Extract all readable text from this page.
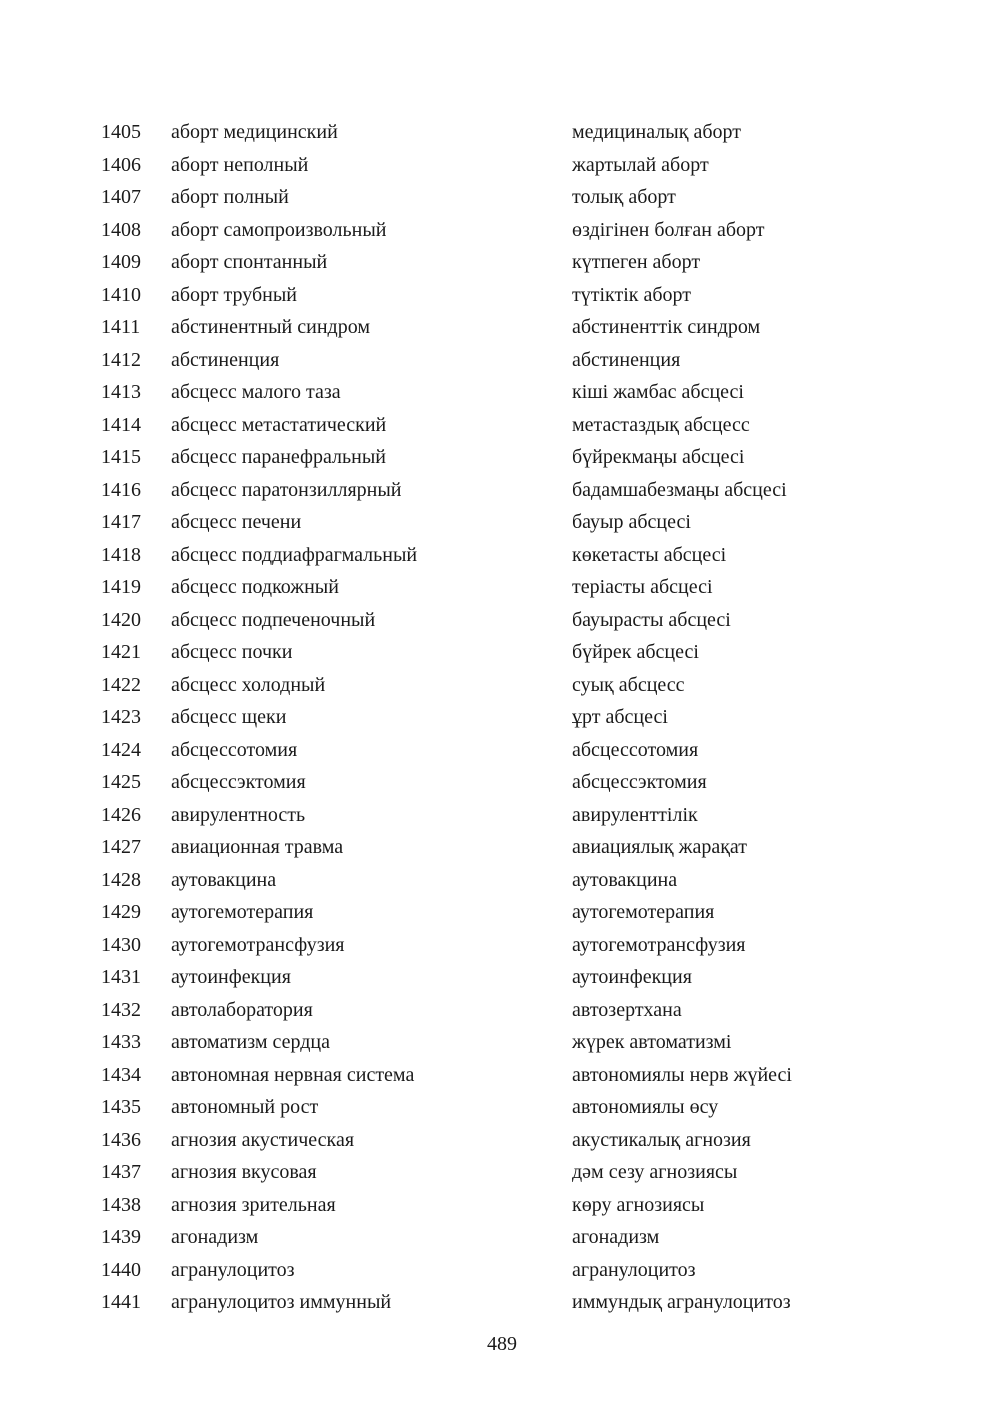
1405 аборт медицинский	медициналық аборт
1406 аборт неполный	жартылай аборт
1407 аборт полный	толық аборт
1408 аборт самопроизвольный	өздігінен болған аборт
1409 аборт спонтанный	күтпеген аборт
1410 аборт трубный	түтіктік аборт
1411 абстинентный синдром	абстиненттік синдром
1412 абстиненция	абстиненция
1413 абсцесс малого таза	кіші жамбас абсцесі
1414 абсцесс метастатический	метастаздық абсцесс
1415 абсцесс паранефральный	бүйрекмаңы абсцесі
1416 абсцесс паратонзиллярный	бадамшабезмаңы абсцесі
1417 абсцесс печени	бауыр абсцесі
1418 абсцесс поддиафрагмальный	көкетасты абсцесі
1419 абсцесс подкожный	теріасты абсцесі
1420 абсцесс подпеченочный	бауырасты абсцесі
1421 абсцесс почки	бүйрек абсцесі
1422 абсцесс холодный	суық абсцесс
1423 абсцесс щеки	ұрт абсцесі
1424 абсцессотомия	абсцессотомия
1425 абсцессэктомия	абсцессэктомия
1426 авирулентность	авируленттілік
1427 авиационная травма	авиациялық жарақат
1428 аутовакцина	аутовакцина
1429 аутогемотерапия	аутогемотерапия
1430 аутогемотрансфузия	аутогемотрансфузия
1431 аутоинфекция	аутоинфекция
1432 автолаборатория	автозертхана
1433 автоматизм сердца	жүрек автоматизмі
1434 автономная нервная система	автономиялы нерв жүйесі
1435 автономный рост	автономиялы өсу
1436 агнозия акустическая	акустикалық агнозия
1437 агнозия вкусовая	дәм сезу агнозиясы
1438 агнозия зрительная	көру агнозиясы
1439 агонадизм	агонадизм
1440 агранулоцитоз	агранулоцитоз
1441 агранулоцитоз иммунный	иммундық агранулоцитоз
489
